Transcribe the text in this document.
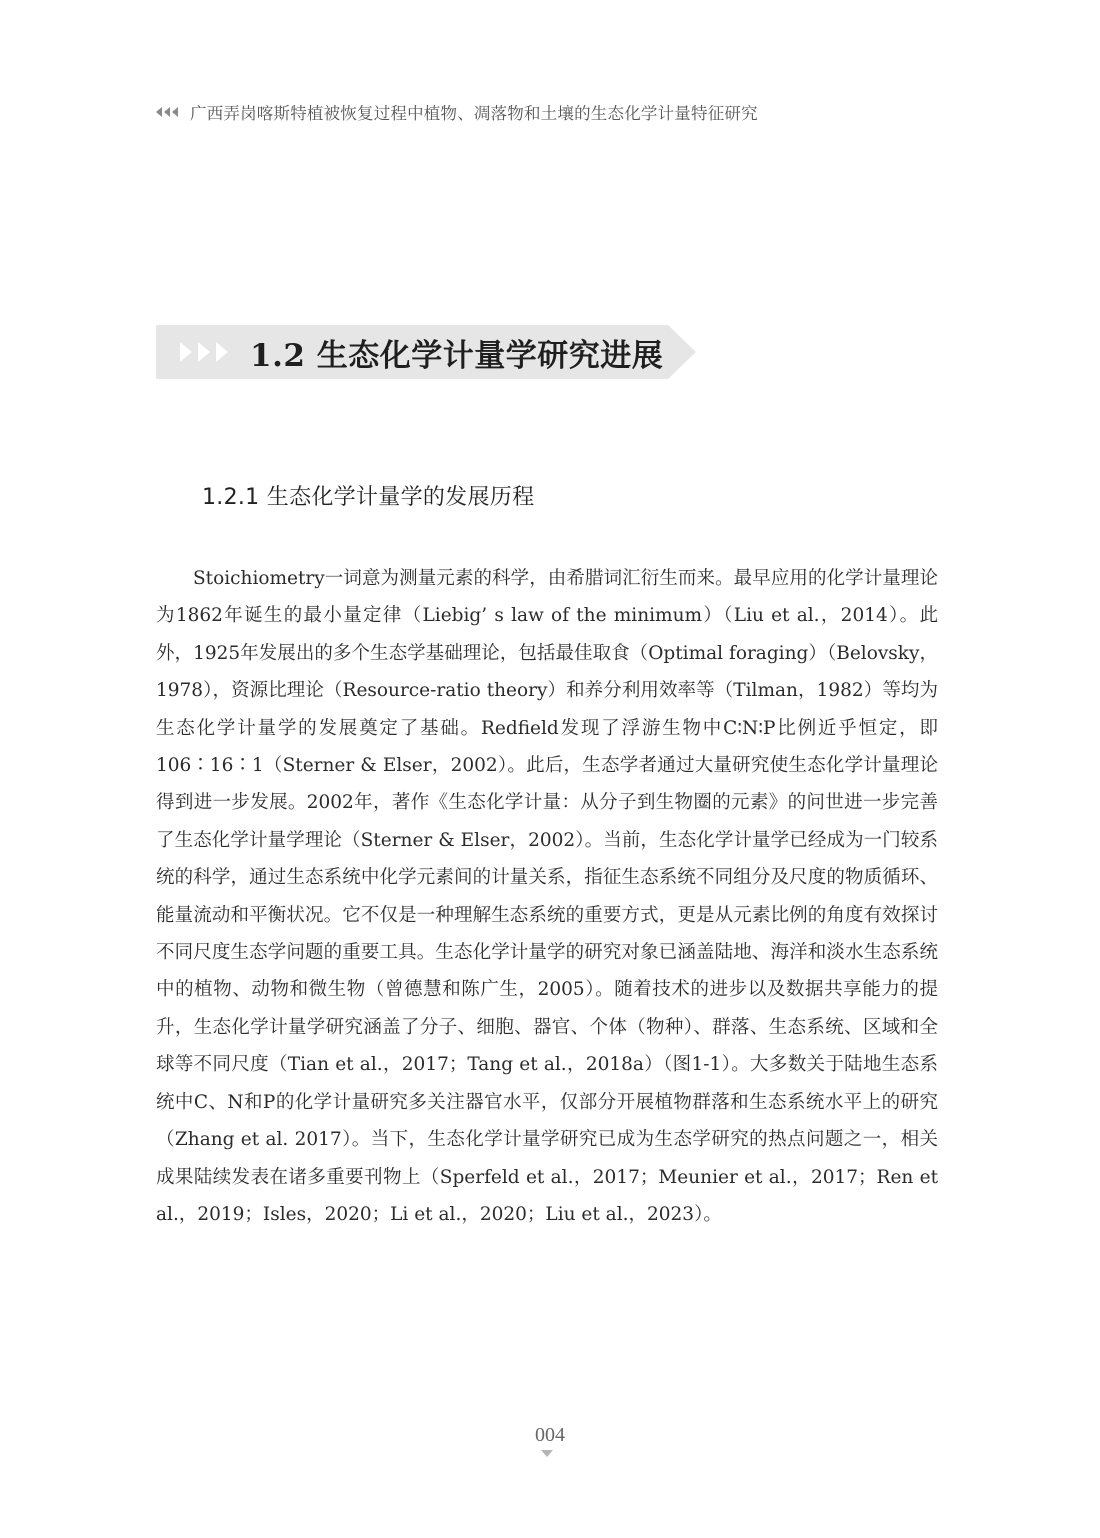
广西弄岗喀斯特植被恢复过程中植物、凋落物和土壤的生态化学计量特征研究
1.2 生态化学计量学研究进展
1.2.1 生态化学计量学的发展历程

Stoichiometry一词意为测量元素的科学，由希腊词汇衍生而来。最早应用的化学计量理论为1862年诞生的最小量定律（Liebig’ s law of the minimum）（Liu et al.，2014）。此外，1925年发展出的多个生态学基础理论，包括最佳取食（Optimal foraging）（Belovsky，1978），资源比理论（Resource-ratio theory）和养分利用效率等（Tilman，1982）等均为生态化学计量学的发展奠定了基础。Redfield发现了浮游生物中C∶N∶P比例近乎恒定，即106∶16∶1（Sterner & Elser，2002）。此后，生态学者通过大量研究使生态化学计量理论得到进一步发展。2002年，著作《生态化学计量：从分子到生物圈的元素》的问世进一步完善了生态化学计量学理论（Sterner & Elser，2002）。当前，生态化学计量学已经成为一门较系统的科学，通过生态系统中化学元素间的计量关系，指征生态系统不同组分及尺度的物质循环、能量流动和平衡状况。它不仅是一种理解生态系统的重要方式，更是从元素比例的角度有效探讨不同尺度生态学问题的重要工具。生态化学计量学的研究对象已涵盖陆地、海洋和淡水生态系统中的植物、动物和微生物（曾德慧和陈广生，2005）。随着技术的进步以及数据共享能力的提升，生态化学计量学研究涵盖了分子、细胞、器官、个体（物种）、群落、生态系统、区域和全球等不同尺度（Tian et al.，2017；Tang et al.，2018a）（图1-1）。大多数关于陆地生态系统中C、N和P的化学计量研究多关注器官水平，仅部分开展植物群落和生态系统水平上的研究（Zhang et al. 2017）。当下，生态化学计量学研究已成为生态学研究的热点问题之一，相关成果陆续发表在诸多重要刊物上（Sperfeld et al.，2017；Meunier et al.，2017；Ren et al.，2019；Isles，2020；Li et al.，2020；Liu et al.，2023）。

004
